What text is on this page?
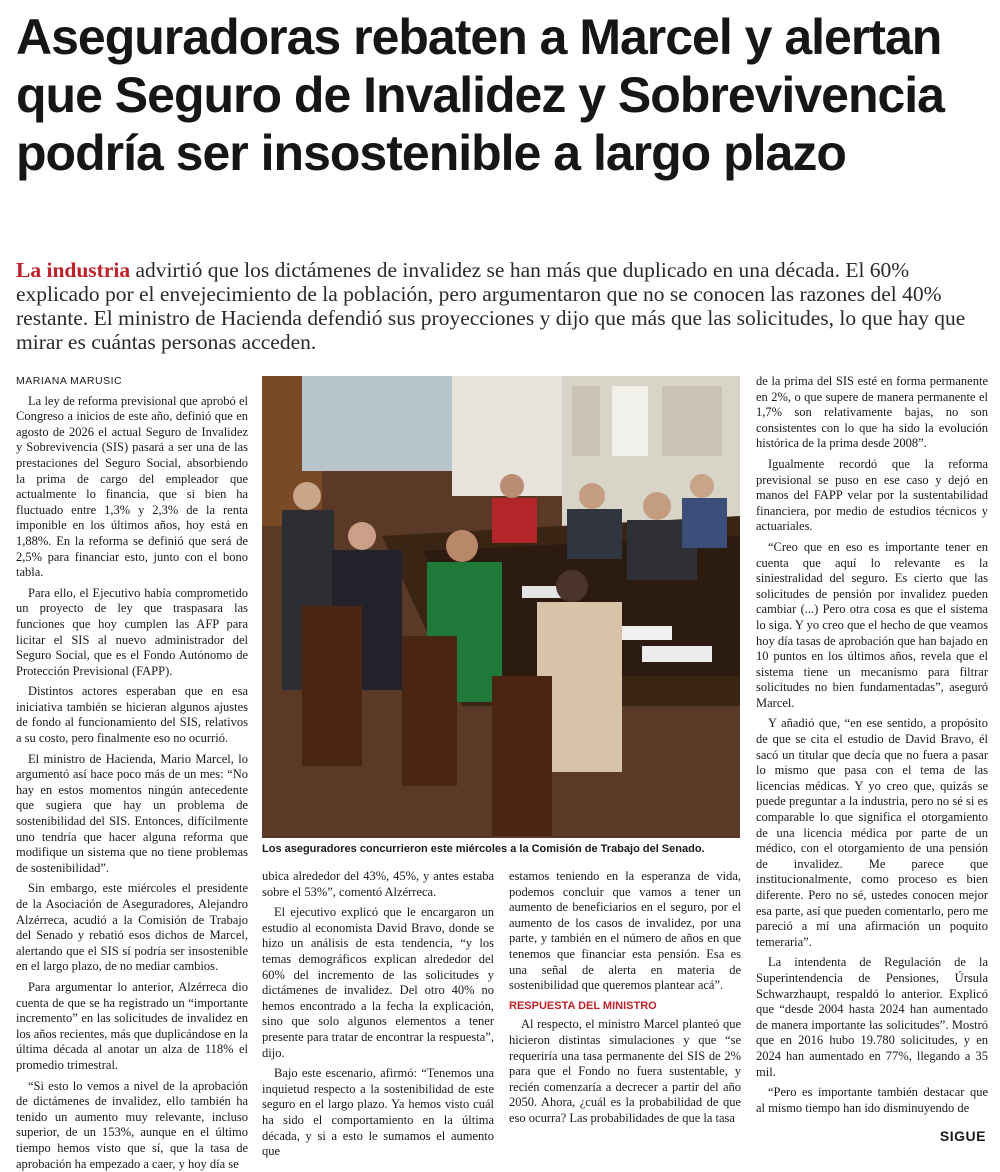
Aseguradoras rebaten a Marcel y alertan que Seguro de Invalidez y Sobrevivencia podría ser insostenible a largo plazo

La industria advirtió que los dictámenes de invalidez se han más que duplicado en una década. El 60% explicado por el envejecimiento de la población, pero argumentaron que no se conocen las razones del 40% restante. El ministro de Hacienda defendió sus proyecciones y dijo que más que las solicitudes, lo que hay que mirar es cuántas personas acceden.

MARIANA MARUSIC

La ley de reforma previsional que aprobó el Congreso a inicios de este año, definió que en agosto de 2026 el actual Seguro de Invalidez y Sobrevivencia (SIS) pasará a ser una de las prestaciones del Seguro Social, absorbiendo la prima de cargo del empleador que actualmente lo financia, que si bien ha fluctuado entre 1,3% y 2,3% de la renta imponible en los últimos años, hoy está en 1,88%. En la reforma se definió que será de 2,5% para financiar esto, junto con el bono tabla.

Para ello, el Ejecutivo había comprometido un proyecto de ley que traspasara las funciones que hoy cumplen las AFP para licitar el SIS al nuevo administrador del Seguro Social, que es el Fondo Autónomo de Protección Previsional (FAPP).

Distintos actores esperaban que en esa iniciativa también se hicieran algunos ajustes de fondo al funcionamiento del SIS, relativos a su costo, pero finalmente eso no ocurrió.

El ministro de Hacienda, Mario Marcel, lo argumentó así hace poco más de un mes: “No hay en estos momentos ningún antecedente que sugiera que hay un problema de sostenibilidad del SIS. Entonces, difícilmente uno tendría que hacer alguna reforma que modifique un sistema que no tiene problemas de sostenibilidad”.

Sin embargo, este miércoles el presidente de la Asociación de Aseguradores, Alejandro Alzérreca, acudió a la Comisión de Trabajo del Senado y rebatió esos dichos de Marcel, alertando que el SIS sí podría ser insostenible en el largo plazo, de no mediar cambios.

Para argumentar lo anterior, Alzérreca dio cuenta de que se ha registrado un “importante incremento” en las solicitudes de invalidez en los años recientes, más que duplicándose en la última década al anotar un alza de 118% el promedio trimestral.

“Si esto lo vemos a nivel de la aprobación de dictámenes de invalidez, ello también ha tenido un aumento muy relevante, incluso superior, de un 153%, aunque en el último tiempo hemos visto que sí, que la tasa de aprobación ha empezado a caer, y hoy día se

Los aseguradores concurrieron este miércoles a la Comisión de Trabajo del Senado.

ubica alrededor del 43%, 45%, y antes estaba sobre el 53%”, comentó Alzérreca.

El ejecutivo explicó que le encargaron un estudio al economista David Bravo, donde se hizo un análisis de esta tendencia, “y los temas demográficos explican alrededor del 60% del incremento de las solicitudes y dictámenes de invalidez. Del otro 40% no hemos encontrado a la fecha la explicación, sino que solo algunos elementos a tener presente para tratar de encontrar la respuesta”, dijo.

Bajo este escenario, afirmó: “Tenemos una inquietud respecto a la sostenibilidad de este seguro en el largo plazo. Ya hemos visto cuál ha sido el comportamiento en la última década, y si a esto le sumamos el aumento que

estamos teniendo en la esperanza de vida, podemos concluir que vamos a tener un aumento de beneficiarios en el seguro, por el aumento de los casos de invalidez, por una parte, y también en el número de años en que tenemos que financiar esta pensión. Esa es una señal de alerta en materia de sostenibilidad que queremos plantear acá”.

RESPUESTA DEL MINISTRO

Al respecto, el ministro Marcel planteó que hicieron distintas simulaciones y que “se requeriría una tasa permanente del SIS de 2% para que el Fondo no fuera sustentable, y recién comenzaría a decrecer a partir del año 2050. Ahora, ¿cuál es la probabilidad de que eso ocurra? Las probabilidades de que la tasa

de la prima del SIS esté en forma permanente en 2%, o que supere de manera permanente el 1,7% son relativamente bajas, no son consistentes con lo que ha sido la evolución histórica de la prima desde 2008”.

Igualmente recordó que la reforma previsional se puso en ese caso y dejó en manos del FAPP velar por la sustentabilidad financiera, por medio de estudios técnicos y actuariales.

“Creo que en eso es importante tener en cuenta que aquí lo relevante es la siniestralidad del seguro. Es cierto que las solicitudes de pensión por invalidez pueden cambiar (...) Pero otra cosa es que el sistema lo siga. Y yo creo que el hecho de que veamos hoy día tasas de aprobación que han bajado en 10 puntos en los últimos años, revela que el sistema tiene un mecanismo para filtrar solicitudes no bien fundamentadas”, aseguró Marcel.

Y añadió que, “en ese sentido, a propósito de que se cita el estudio de David Bravo, él sacó un titular que decía que no fuera a pasar lo mismo que pasa con el tema de las licencias médicas. Y yo creo que, quizás se puede preguntar a la industria, pero no sé si es comparable lo que significa el otorgamiento de una licencia médica por parte de un médico, con el otorgamiento de una pensión de invalidez. Me parece que institucionalmente, como proceso es bien diferente. Pero no sé, ustedes conocen mejor esa parte, así que pueden comentarlo, pero me pareció a mí una afirmación un poquito temeraria”.

La intendenta de Regulación de la Superintendencia de Pensiones, Úrsula Schwarzhaupt, respaldó lo anterior. Explicó que “desde 2004 hasta 2024 han aumentado de manera importante las solicitudes”. Mostró que en 2016 hubo 19.780 solicitudes, y en 2024 han aumentado en 77%, llegando a 35 mil.

“Pero es importante también destacar que al mismo tiempo han ido disminuyendo de

SIGUE
